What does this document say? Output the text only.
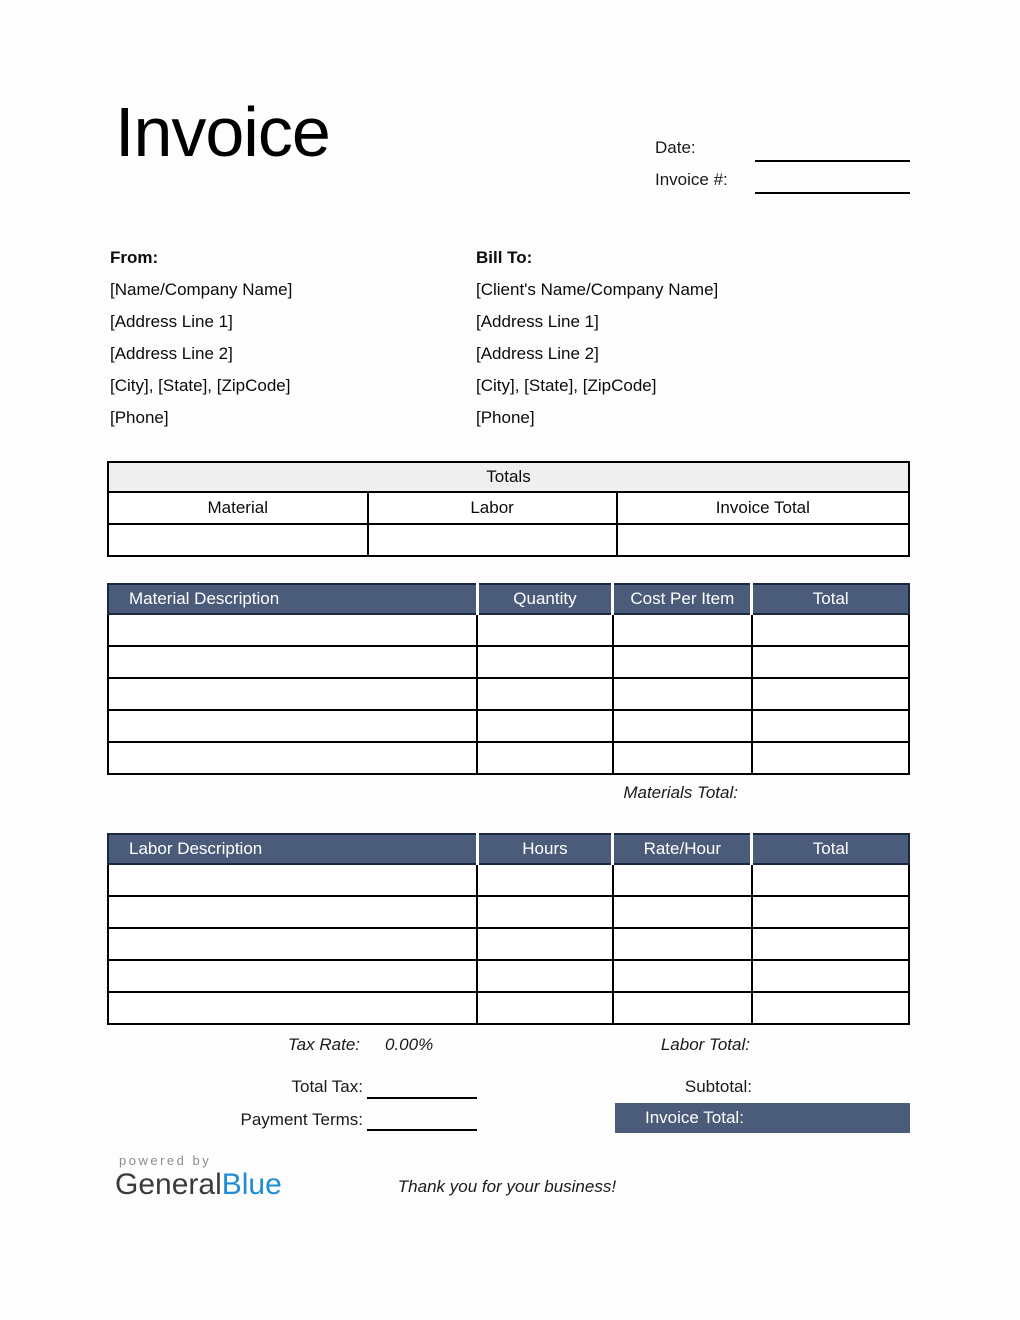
Invoice	Date:
Invoice #:
From:
[Name/Company Name]
[Address Line 1]
[Address Line 2]
[City], [State], [ZipCode]
[Phone]
Bill To:
[Client's Name/Company Name]
[Address Line 1]
[Address Line 2]
[City], [State], [ZipCode]
[Phone]
Totals		
Material	Labor	Invoice Total

Material Description	Quantity	Cost Per Item	Total

Materials Total:
Labor Description	Hours	Rate/Hour	Total

Tax Rate: 0.00%	Labor Total:
Total Tax:	Subtotal:
Payment Terms:	Invoice Total:
powered by
GeneralBlue	Thank you for your business!
